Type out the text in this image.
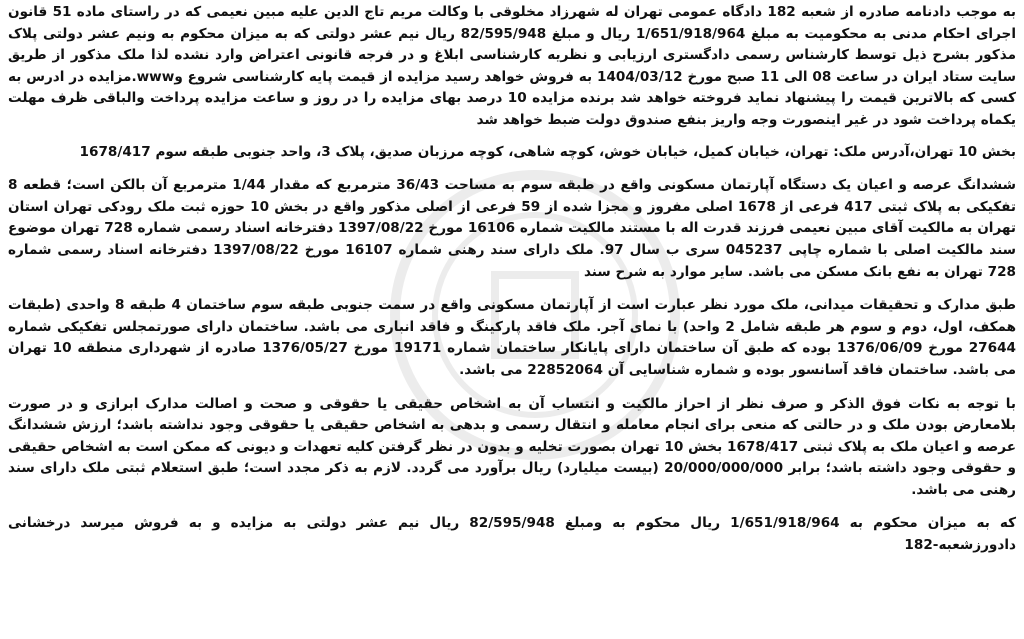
به موجب دادنامه صادره از شعبه 182 دادگاه عمومی تهران له شهرزاد مخلوقی با وکالت مریم تاج الدین علیه مبین نعیمی که در راستای ماده 51 قانون اجرای احکام مدنی به محکومیت به مبلغ 1/651/918/964 ریال و مبلغ 82/595/948 ریال نیم عشر دولتی که به میزان محکوم به ونیم عشر دولتی پلاک مذکور بشرح ذیل توسط کارشناس رسمی دادگستری ارزیابی و نظریه کارشناسی ابلاغ و در فرجه قانونی اعتراض وارد نشده لذا ملک مذکور از طریق سایت ستاد ایران در ساعت 08 الی 11 صبح مورخ 1404/03/12 به فروش خواهد رسید مزایده از قیمت پایه کارشناسی شروع وwww.مزایده در ادرس به کسی که بالاترین قیمت را پیشنهاد نماید فروخته خواهد شد برنده مزایده 10 درصد بهای مزایده را در روز و ساعت مزایده پرداخت والباقی ظرف مهلت یکماه پرداخت شود در غیر اینصورت وجه واریز بنفع صندوق دولت ضبط خواهد شد

بخش 10 تهران،آدرس ملک: تهران، خیابان کمیل، خیابان خوش، کوچه شاهی، کوچه مرزبان صدیق، پلاک 3، واحد جنوبی طبقه سوم 1678/417

ششدانگ عرصه و اعیان یک دستگاه آپارتمان مسکونی واقع در طبقه سوم به مساحت 36/43 مترمربع که مقدار 1/44 مترمربع آن بالکن است؛ قطعه 8 تفکیکی به پلاک ثبتی 417 فرعی از 1678 اصلی مفروز و مجزا شده از 59 فرعی از اصلی مذکور واقع در بخش 10 حوزه ثبت ملک رودکی تهران استان تهران به مالکیت آقای مبین نعیمی فرزند قدرت اله با مستند مالکیت شماره 16106 مورخ 1397/08/22 دفترخانه اسناد رسمی شماره 728 تهران موضوع سند مالکیت اصلی با شماره چاپی 045237 سری ب سال 97. ملک دارای سند رهنی شماره 16107 مورخ 1397/08/22 دفترخانه اسناد رسمی شماره 728 تهران به نفع بانک مسکن می باشد. سایر موارد به شرح سند

طبق مدارک و تحقیقات میدانی، ملک مورد نظر عبارت است از آپارتمان مسکونی واقع در سمت جنوبی طبقه سوم ساختمان 4 طبقه 8 واحدی (طبقات همکف، اول، دوم و سوم هر طبقه شامل 2 واحد) با نمای آجر. ملک فاقد پارکینگ و فاقد انباری می باشد. ساختمان دارای صورتمجلس تفکیکی شماره 27644 مورخ 1376/06/09 بوده که طبق آن ساختمان دارای پایانکار ساختمان شماره 19171 مورخ 1376/05/27 صادره از شهرداری منطقه 10 تهران می باشد. ساختمان فاقد آسانسور بوده و شماره شناسایی آن 22852064 می باشد.

با توجه به نکات فوق الذکر و صرف نظر از احراز مالکیت و انتساب آن به اشخاص حقیقی یا حقوقی و صحت و اصالت مدارک ابرازی و در صورت بلامعارض بودن ملک و در حالتی که منعی برای انجام معامله و انتقال رسمی و بدهی به اشخاص حقیقی یا حقوقی وجود نداشته باشد؛ ارزش ششدانگ عرصه و اعیان ملک به پلاک ثبتی 1678/417 بخش 10 تهران بصورت تخلیه و بدون در نظر گرفتن کلیه تعهدات و دیونی که ممکن است به اشخاص حقیقی و حقوقی وجود داشته باشد؛ برابر 20/000/000/000 (بیست میلیارد) ریال برآورد می گردد. لازم به ذکر مجدد است؛ طبق استعلام ثبتی ملک دارای سند رهنی می باشد.

که به میزان محکوم به 1/651/918/964 ریال محکوم به ومبلغ 82/595/948 ریال نیم عشر دولتی به مزایده و به فروش میرسد درخشانی دادورزشعبه-182
